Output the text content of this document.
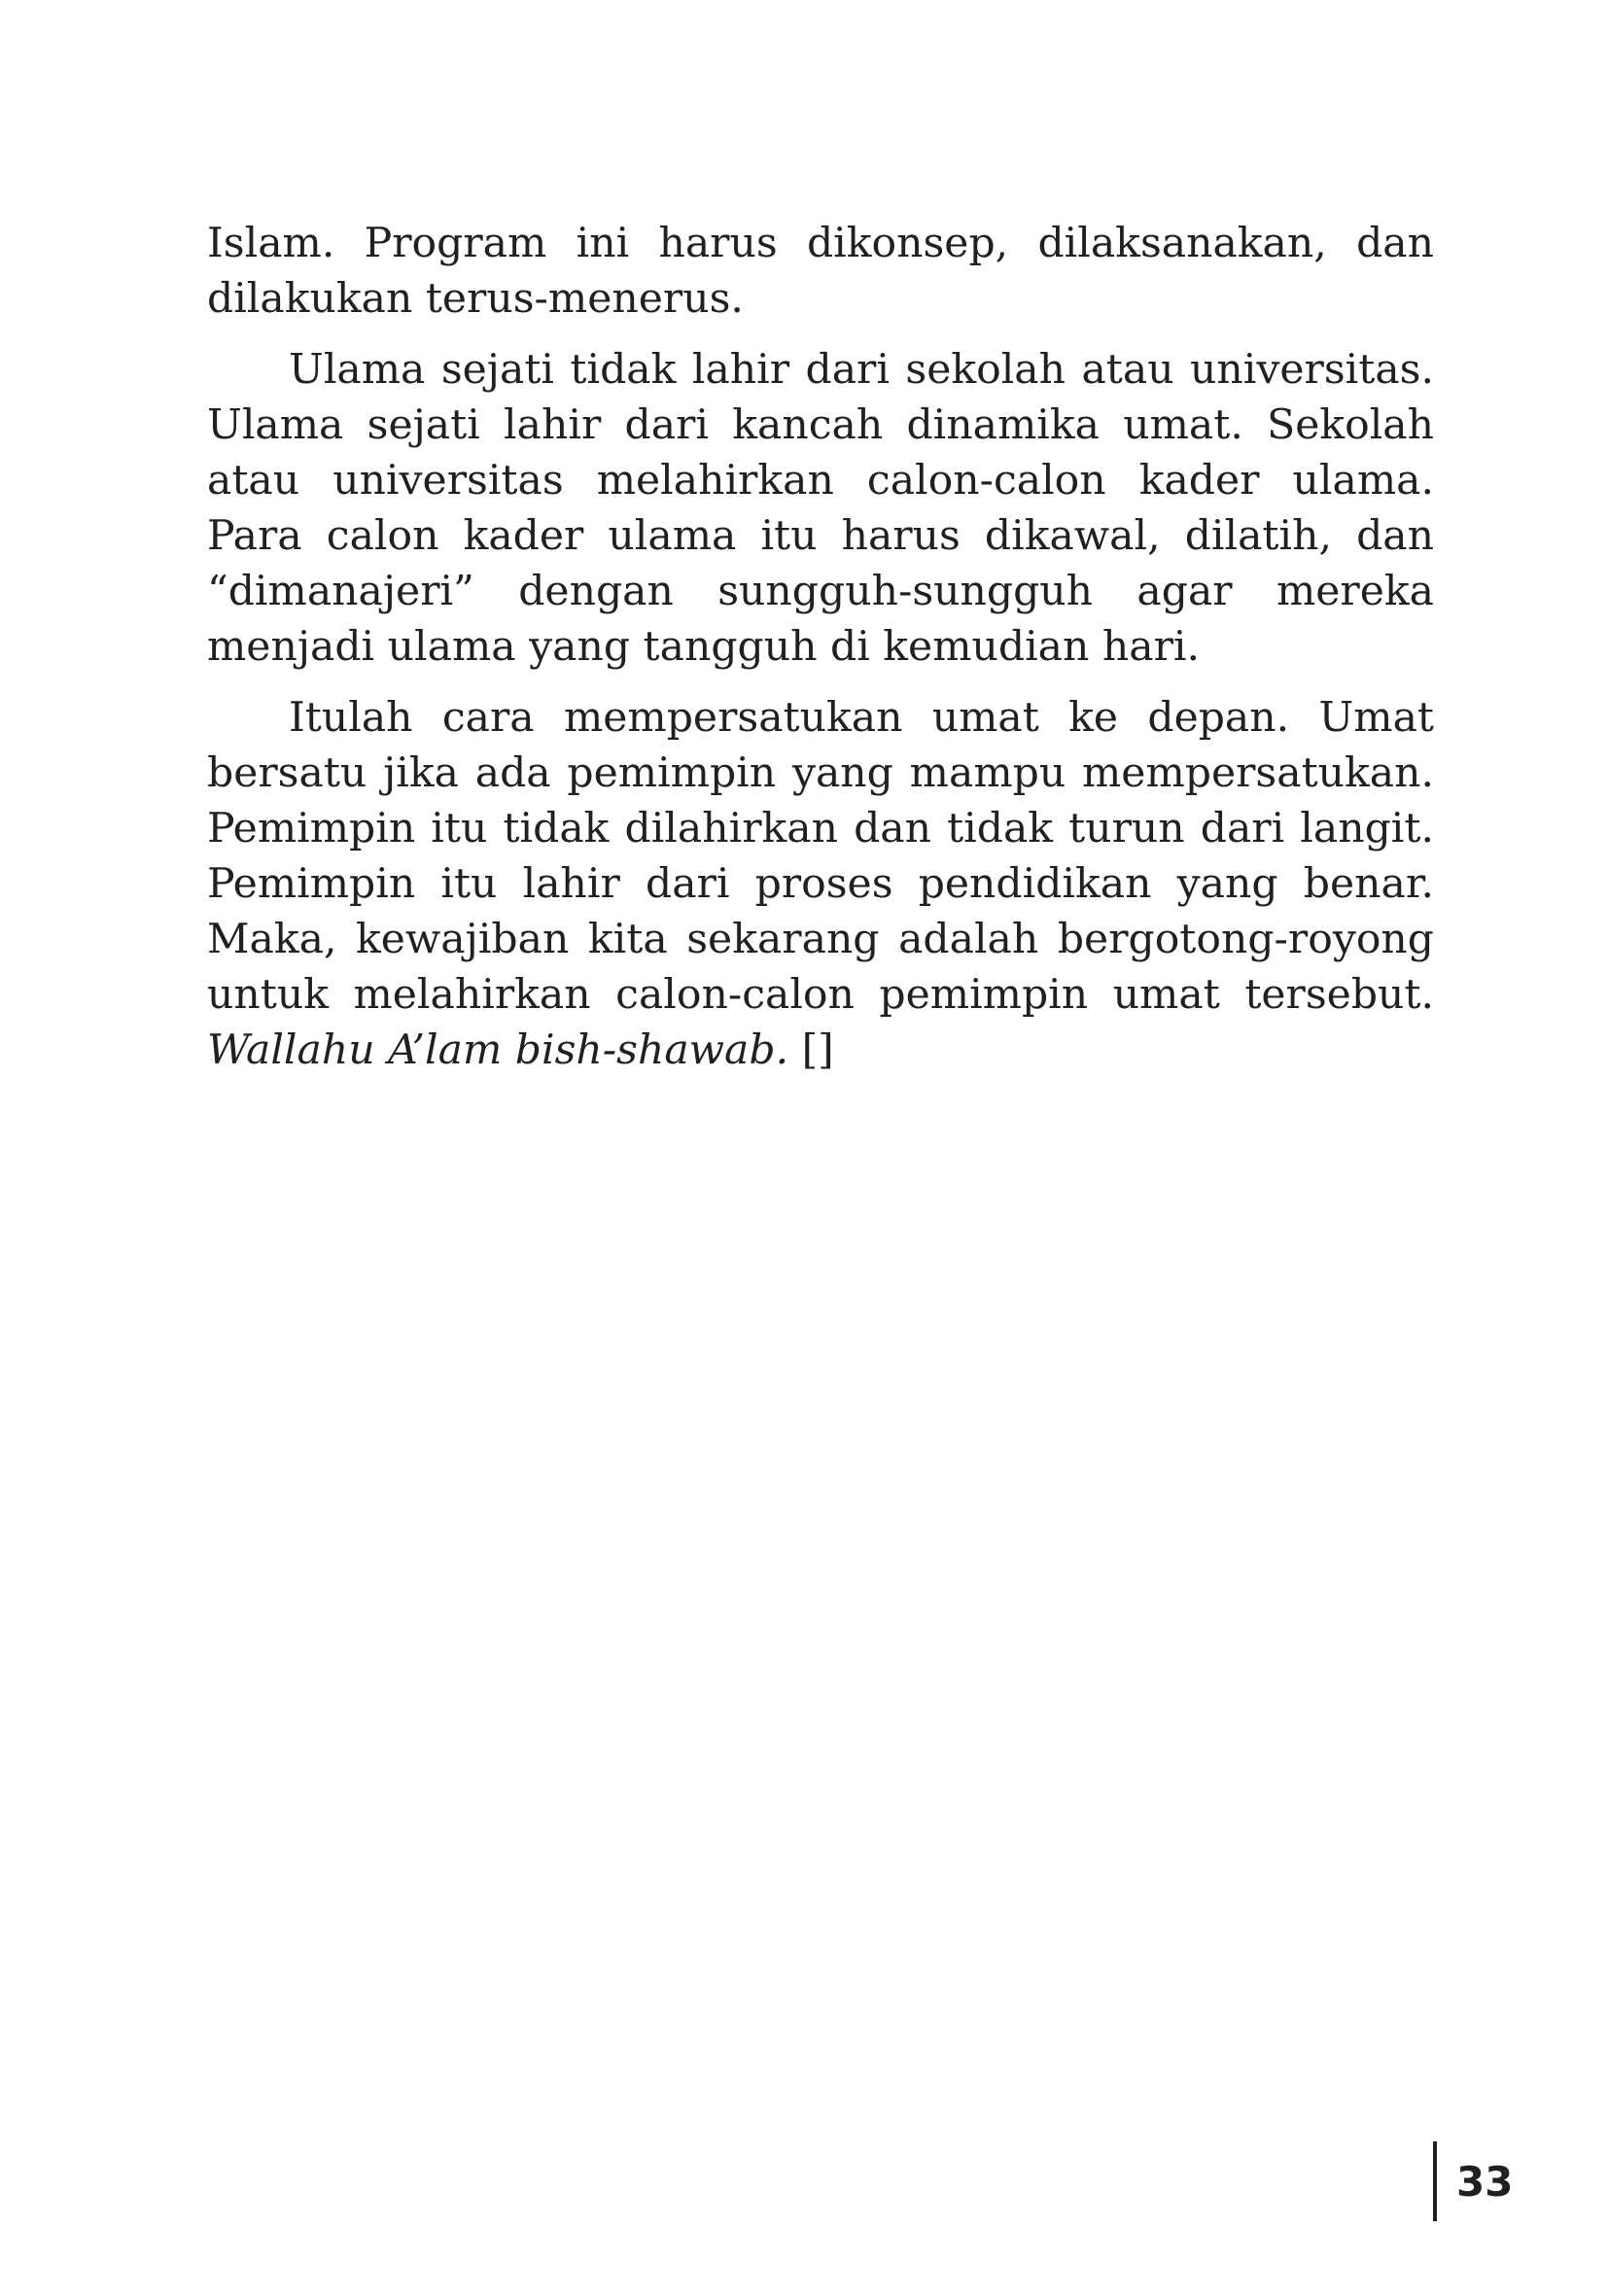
Islam. Program ini harus dikonsep, dilaksanakan, dan dilakukan terus-menerus.

Ulama sejati tidak lahir dari sekolah atau universitas. Ulama sejati lahir dari kancah dinamika umat. Sekolah atau universitas melahirkan calon-calon kader ulama. Para calon kader ulama itu harus dikawal, dilatih, dan “dimanajeri” dengan sungguh-sungguh agar mereka menjadi ulama yang tangguh di kemudian hari.

Itulah cara mempersatukan umat ke depan. Umat bersatu jika ada pemimpin yang mampu mempersatukan. Pemimpin itu tidak dilahirkan dan tidak turun dari langit. Pemimpin itu lahir dari proses pendidikan yang benar. Maka, kewajiban kita sekarang adalah bergotong-royong untuk melahirkan calon-calon pemimpin umat tersebut. Wallahu A’lam bish-shawab. []

33
